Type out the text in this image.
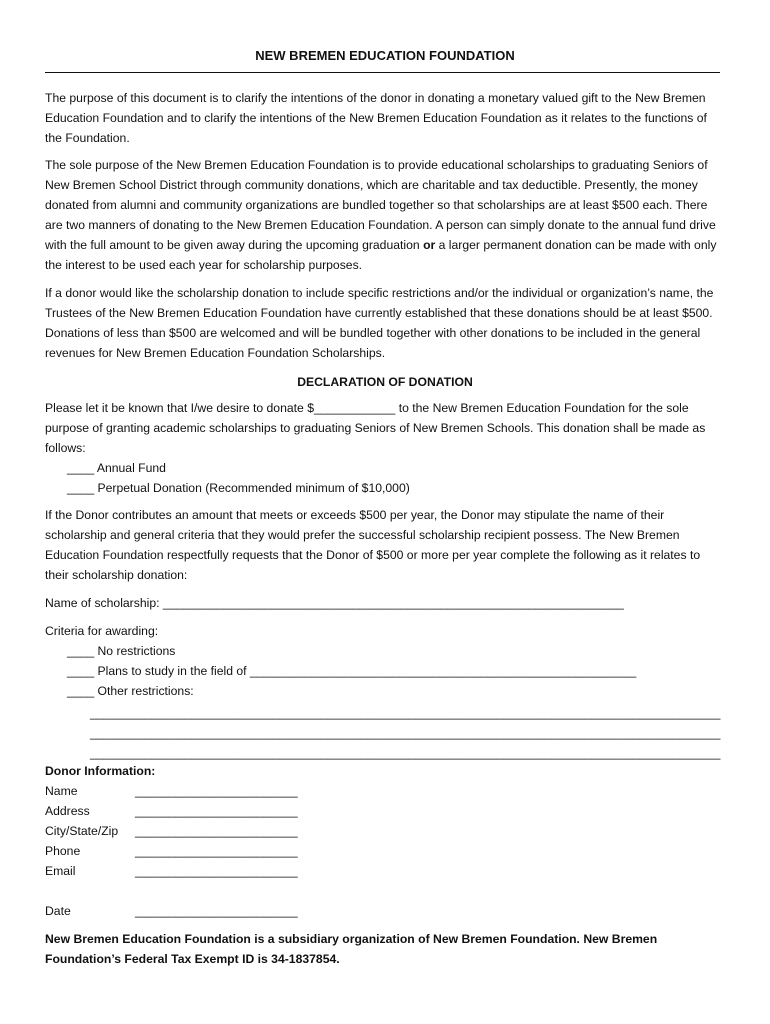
NEW BREMEN EDUCATION FOUNDATION

The purpose of this document is to clarify the intentions of the donor in donating a monetary valued gift to the New Bremen Education Foundation and to clarify the intentions of the New Bremen Education Foundation as it relates to the functions of the Foundation.

The sole purpose of the New Bremen Education Foundation is to provide educational scholarships to graduating Seniors of New Bremen School District through community donations, which are charitable and tax deductible. Presently, the money donated from alumni and community organizations are bundled together so that scholarships are at least $500 each. There are two manners of donating to the New Bremen Education Foundation. A person can simply donate to the annual fund drive with the full amount to be given away during the upcoming graduation or a larger permanent donation can be made with only the interest to be used each year for scholarship purposes.

If a donor would like the scholarship donation to include specific restrictions and/or the individual or organization’s name, the Trustees of the New Bremen Education Foundation have currently established that these donations should be at least $500. Donations of less than $500 are welcomed and will be bundled together with other donations to be included in the general revenues for New Bremen Education Foundation Scholarships.

DECLARATION OF DONATION

Please let it be known that I/we desire to donate $____________ to the New Bremen Education Foundation for the sole purpose of granting academic scholarships to graduating Seniors of New Bremen Schools. This donation shall be made as follows:

____ Annual Fund
____ Perpetual Donation (Recommended minimum of $10,000)

If the Donor contributes an amount that meets or exceeds $500 per year, the Donor may stipulate the name of their scholarship and general criteria that they would prefer the successful scholarship recipient possess. The New Bremen Education Foundation respectfully requests that the Donor of $500 or more per year complete the following as it relates to their scholarship donation:

Name of scholarship: ____________________________________________________________________
Criteria for awarding:
____ No restrictions
____ Plans to study in the field of _________________________________________________________
____ Other restrictions:
_____________________________________________________________________________________________
_____________________________________________________________________________________________
_____________________________________________________________________________________________
Donor Information:
Name	________________________
Address	________________________
City/State/Zip	________________________
Phone	________________________
Email	________________________
Date	________________________

New Bremen Education Foundation is a subsidiary organization of New Bremen Foundation. New Bremen Foundation’s Federal Tax Exempt ID is 34-1837854.
